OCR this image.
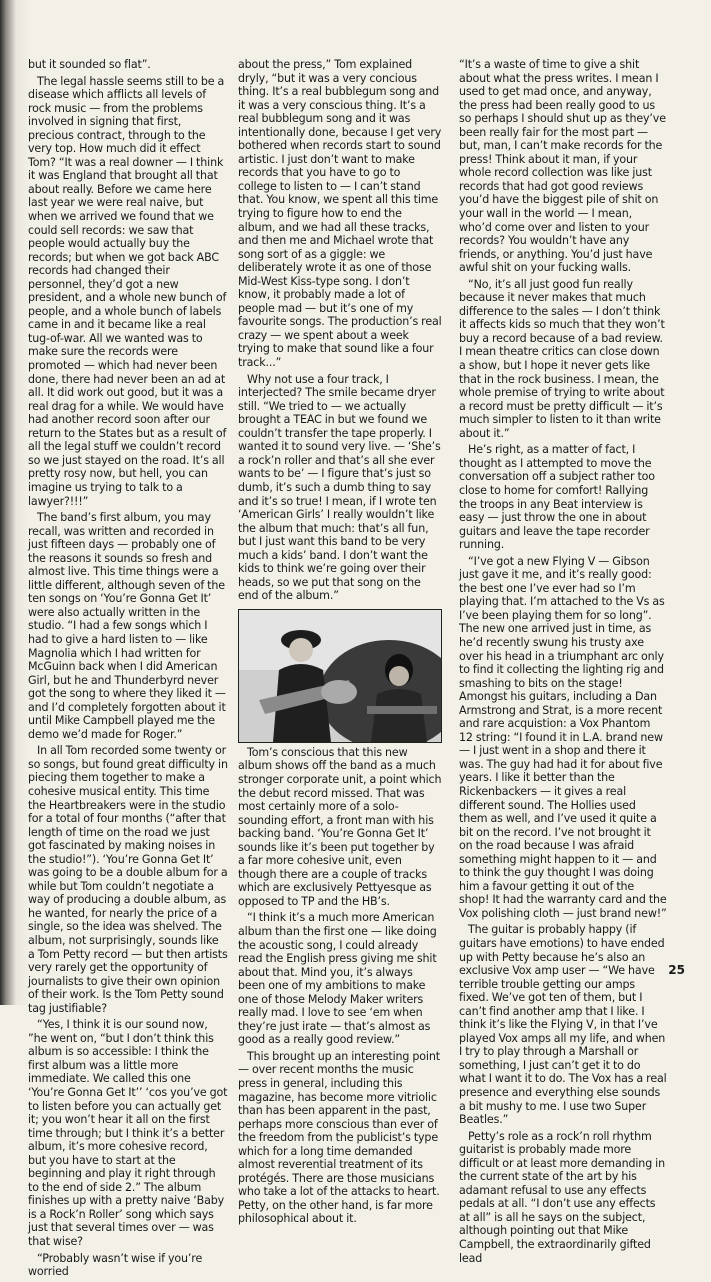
but it sounded so flat”.

The legal hassle seems still to be a disease which afflicts all levels of rock music — from the problems involved in signing that first, precious contract, through to the very top. How much did it effect Tom? “It was a real downer — I think it was England that brought all that about really. Before we came here last year we were real naive, but when we arrived we found that we could sell records: we saw that people would actually buy the records; but when we got back ABC records had changed their personnel, they’d got a new president, and a whole new bunch of people, and a whole bunch of labels came in and it became like a real tug-of-war. All we wanted was to make sure the records were promoted — which had never been done, there had never been an ad at all. It did work out good, but it was a real drag for a while. We would have had another record soon after our return to the States but as a result of all the legal stuff we couldn’t record so we just stayed on the road. It’s all pretty rosy now, but hell, you can imagine us trying to talk to a lawyer?!!!”

The band’s first album, you may recall, was written and recorded in just fifteen days — probably one of the reasons it sounds so fresh and almost live. This time things were a little different, although seven of the ten songs on ‘You’re Gonna Get It’ were also actually written in the studio. “I had a few songs which I had to give a hard listen to — like Magnolia which I had written for McGuinn back when I did American Girl, but he and Thunderbyrd never got the song to where they liked it — and I’d completely forgotten about it until Mike Campbell played me the demo we’d made for Roger.”

In all Tom recorded some twenty or so songs, but found great difficulty in piecing them together to make a cohesive musical entity. This time the Heartbreakers were in the studio for a total of four months (“after that length of time on the road we just got fascinated by making noises in the studio!”). ‘You’re Gonna Get It’ was going to be a double album for a while but Tom couldn’t negotiate a way of producing a double album, as he wanted, for nearly the price of a single, so the idea was shelved. The album, not surprisingly, sounds like a Tom Petty record — but then artists very rarely get the opportunity of journalists to give their own opinion of their work. Is the Tom Petty sound tag justifiable?

“Yes, I think it is our sound now, ”he went on, “but I don’t think this album is so accessible: I think the first album was a little more immediate. We called this one ‘You’re Gonna Get It’’ ‘cos you’ve got to listen before you can actually get it; you won’t hear it all on the first time through; but I think it’s a better album, it’s more cohesive record, but you have to start at the beginning and play it right through to the end of side 2.” The album finishes up with a pretty naive ‘Baby is a Rock’n Roller’ song which says just that several times over — was that wise?

“Probably wasn’t wise if you’re worried

about the press,” Tom explained dryly, “but it was a very concious thing. It’s a real bubblegum song and it was a very conscious thing. It’s a real bubblegum song and it was intentionally done, because I get very bothered when records start to sound artistic. I just don’t want to make records that you have to go to college to listen to — I can’t stand that. You know, we spent all this time trying to figure how to end the album, and we had all these tracks, and then me and Michael wrote that song sort of as a giggle: we deliberately wrote it as one of those Mid-West Kiss-type song. I don’t know, it probably made a lot of people mad — but it’s one of my favourite songs. The production’s real crazy — we spent about a week trying to make that sound like a four track...”

Why not use a four track, I interjected? The smile became dryer still. “We tried to — we actually brought a TEAC in but we found we couldn’t transfer the tape properly. I wanted it to sound very live. — ‘She’s a rock’n roller and that’s all she ever wants to be’ — I figure that’s just so dumb, it’s such a dumb thing to say and it’s so true! I mean, if I wrote ten ‘American Girls’ I really wouldn’t like the album that much: that’s all fun, but I just want this band to be very much a kids’ band. I don’t want the kids to think we’re going over their heads, so we put that song on the end of the album.”

Tom’s conscious that this new album shows off the band as a much stronger corporate unit, a point which the debut record missed. That was most certainly more of a solo-sounding effort, a front man with his backing band. ‘You’re Gonna Get It’ sounds like it’s been put together by a far more cohesive unit, even though there are a couple of tracks which are exclusively Pettyesque as opposed to TP and the HB’s.

“I think it’s a much more American album than the first one — like doing the acoustic song, I could already read the English press giving me shit about that. Mind you, it’s always been one of my ambitions to make one of those Melody Maker writers really mad. I love to see ‘em when they’re just irate — that’s almost as good as a really good review.”

This brought up an interesting point — over recent months the music press in general, including this magazine, has become more vitriolic than has been apparent in the past, perhaps more conscious than ever of the freedom from the publicist’s type which for a long time demanded almost reverential treatment of its protégés. There are those musicians who take a lot of the attacks to heart. Petty, on the other hand, is far more philosophical about it.

“It’s a waste of time to give a shit about what the press writes. I mean I used to get mad once, and anyway, the press had been really good to us so perhaps I should shut up as they’ve been really fair for the most part — but, man, I can’t make records for the press! Think about it man, if your whole record collection was like just records that had got good reviews you’d have the biggest pile of shit on your wall in the world — I mean, who’d come over and listen to your records? You wouldn’t have any friends, or anything. You’d just have awful shit on your fucking walls.

“No, it’s all just good fun really because it never makes that much difference to the sales — I don’t think it affects kids so much that they won’t buy a record because of a bad review. I mean theatre critics can close down a show, but I hope it never gets like that in the rock business. I mean, the whole premise of trying to write about a record must be pretty difficult — it’s much simpler to listen to it than write about it.”

He’s right, as a matter of fact, I thought as I attempted to move the conversation off a subject rather too close to home for comfort! Rallying the troops in any Beat interview is easy — just throw the one in about guitars and leave the tape recorder running.

“I’ve got a new Flying V — Gibson just gave it me, and it’s really good: the best one I’ve ever had so I’m playing that. I’m attached to the Vs as I’ve been playing them for so long”. The new one arrived just in time, as he’d recently swung his trusty axe over his head in a triumphant arc only to find it collecting the lighting rig and smashing to bits on the stage! Amongst his guitars, including a Dan Armstrong and Strat, is a more recent and rare acquistion: a Vox Phantom 12 string: “I found it in L.A. brand new — I just went in a shop and there it was. The guy had had it for about five years. I like it better than the Rickenbackers — it gives a real different sound. The Hollies used them as well, and I’ve used it quite a bit on the record. I’ve not brought it on the road because I was afraid something might happen to it — and to think the guy thought I was doing him a favour getting it out of the shop! It had the warranty card and the Vox polishing cloth — just brand new!”

The guitar is probably happy (if guitars have emotions) to have ended up with Petty because he’s also an exclusive Vox amp user — “We have terrible trouble getting our amps fixed. We’ve got ten of them, but I can’t find another amp that I like. I think it’s like the Flying V, in that I’ve played Vox amps all my life, and when I try to play through a Marshall or something, I just can’t get it to do what I want it to do. The Vox has a real presence and everything else sounds a bit mushy to me. I use two Super Beatles.”

Petty’s role as a rock’n roll rhythm guitarist is probably made more difficult or at least more demanding in the current state of the art by his adamant refusal to use any effects pedals at all. “I don’t use any effects at all” is all he says on the subject, although pointing out that Mike Campbell, the extraordinarily gifted lead

25
